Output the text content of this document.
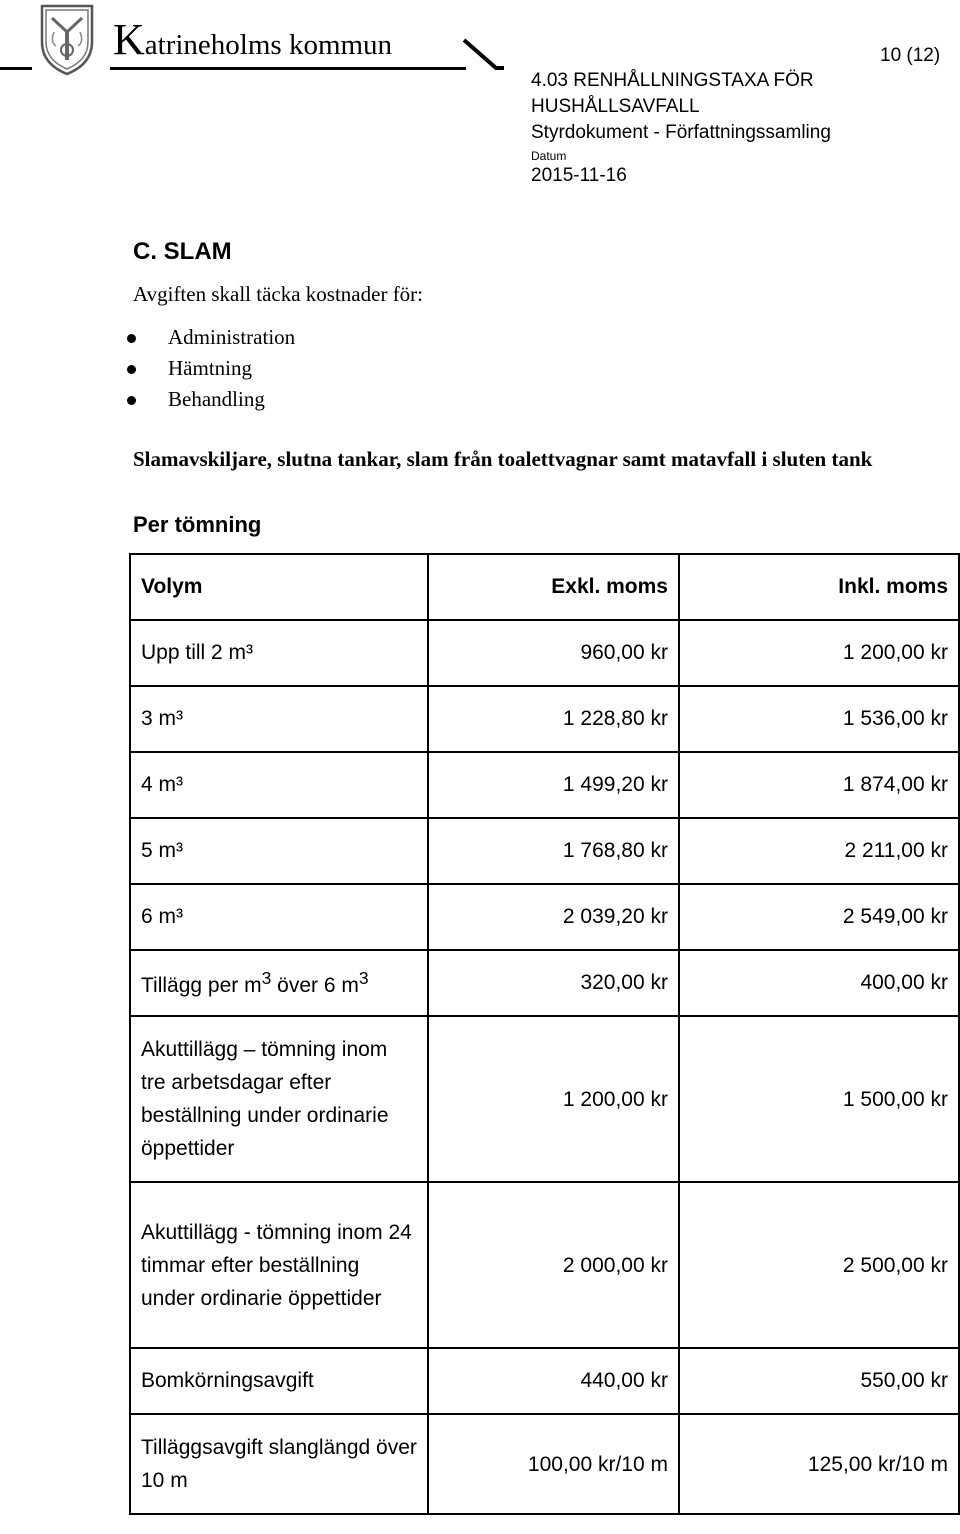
Katrineholms kommun	10 (12)
4.03 RENHÅLLNINGSTAXA FÖR HUSHÅLLSAVFALL
Styrdokument - Författningssamling
Datum
2015-11-16
C. SLAM
Avgiften skall täcka kostnader för:
Administration
Hämtning
Behandling
Slamavskiljare, slutna tankar, slam från toalettvagnar samt matavfall i sluten tank
Per tömning
Volym	Exkl. moms	Inkl. moms
Upp till 2 m³	960,00 kr	1 200,00 kr
3 m³	1 228,80 kr	1 536,00 kr
4 m³	1 499,20 kr	1 874,00 kr
5 m³	1 768,80 kr	2 211,00 kr
6 m³	2 039,20 kr	2 549,00 kr
Tillägg per $m^3$ över 6 $m^3$	320,00 kr	400,00 kr
Akuttillägg – tömning inom tre arbetsdagar efter beställning under ordinarie öppettider	1 200,00 kr	1 500,00 kr
Akuttillägg - tömning inom 24 timmar efter beställning under ordinarie öppettider	2 000,00 kr	2 500,00 kr
Bomkörningsavgift	440,00 kr	550,00 kr
Tilläggsavgift slanglängd över 10 m	100,00 kr/10 m	125,00 kr/10 m
